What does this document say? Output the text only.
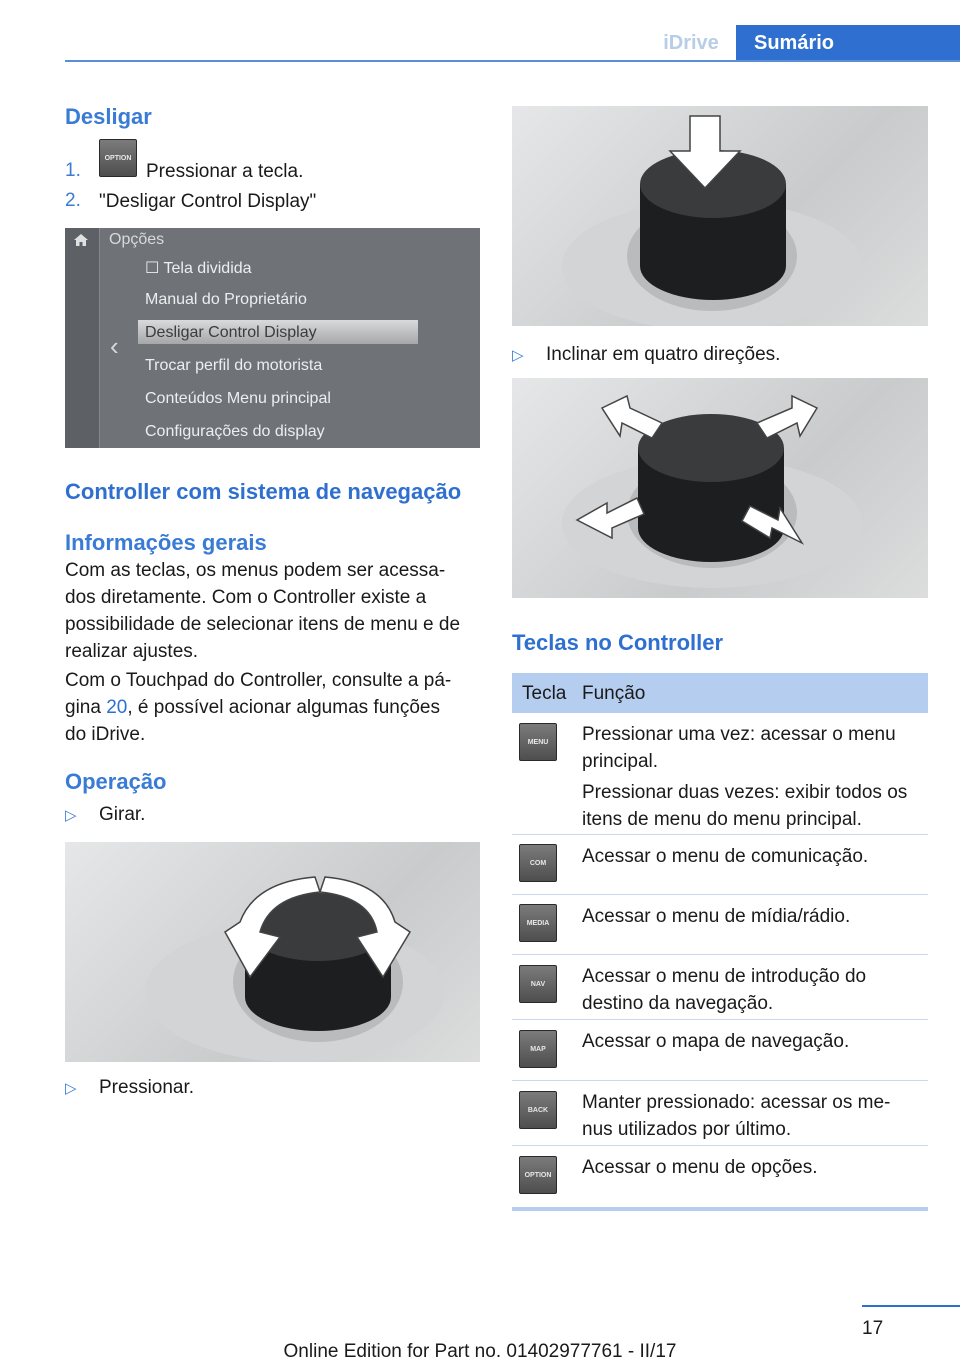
iDrive	Sumário
Desligar
1.
OPTION
Pressionar a tecla.
2. "Desligar Control Display"
Opções
‹
☐ Tela dividida
Manual do Proprietário
Desligar Control Display
Trocar perfil do motorista
Conteúdos Menu principal
Configurações do display
Controller com sistema de navegação
Informações gerais
Com as teclas, os menus podem ser acessa-
dos diretamente. Com o Controller existe a
possibilidade de selecionar itens de menu e de
realizar ajustes.
Com o Touchpad do Controller, consulte a pá-
gina 20, é possível acionar algumas funções
do iDrive.
Operação
▷ Girar.
▷ Pressionar.
▷ Inclinar em quatro direções.
Teclas no Controller
Tecla Função
MENU Pressionar uma vez: acessar o menu
principal.
Pressionar duas vezes: exibir todos os
itens de menu do menu principal.
COM Acessar o menu de comunicação.
MEDIA Acessar o menu de mídia/rádio.
NAV Acessar o menu de introdução do
destino da navegação.
MAP Acessar o mapa de navegação.
BACK Manter pressionado: acessar os me-
nus utilizados por último.
OPTION Acessar o menu de opções.
17
Online Edition for Part no. 01402977761 - II/17
